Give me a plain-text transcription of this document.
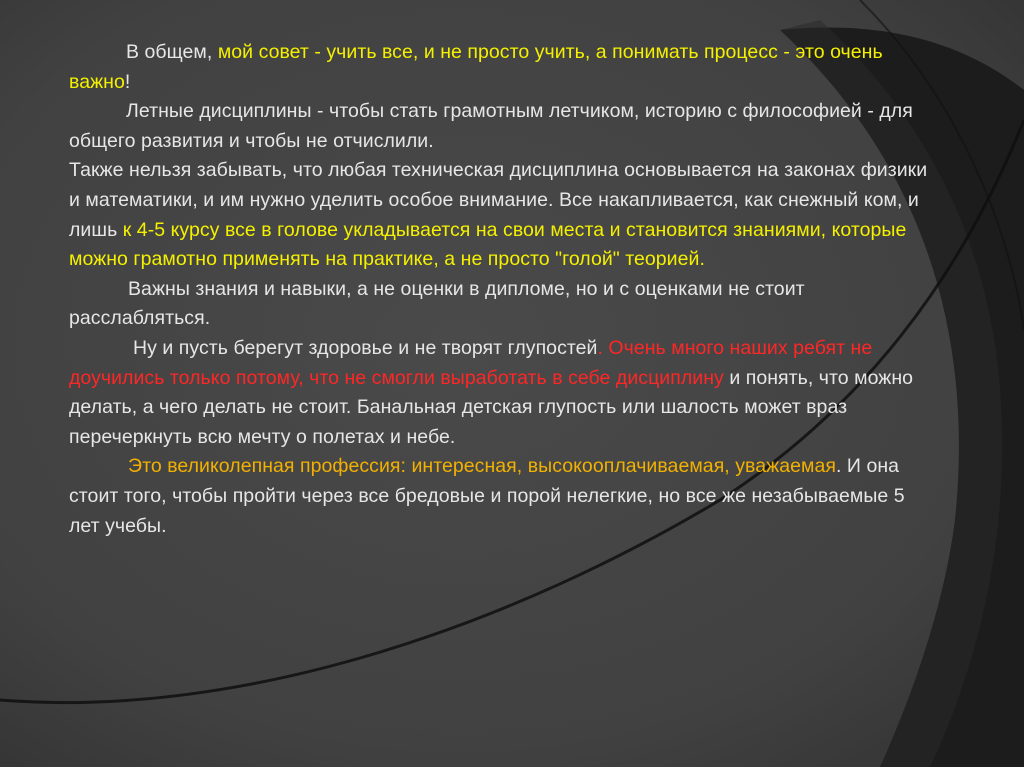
В общем, мой совет - учить все, и не просто учить, а понимать процесс - это очень важно!

Летные дисциплины - чтобы стать грамотным летчиком, историю с философией - для общего развития и чтобы не отчислили.

Также нельзя забывать, что любая техническая дисциплина основывается на законах физики и математики, и им нужно уделить особое внимание. Все накапливается, как снежный ком, и лишь к 4-5 курсу все в голове укладывается на свои места и становится знаниями, которые можно грамотно применять на практике, а не просто "голой" теорией.

Важны знания и навыки, а не оценки в дипломе, но и с оценками не стоит расслабляться.

Ну и пусть берегут здоровье и не творят глупостей. Очень много наших ребят не доучились только потому, что не смогли выработать в себе дисциплину и понять, что можно делать, а чего делать не стоит. Банальная детская глупость или шалость может враз перечеркнуть всю мечту о полетах и небе.

Это великолепная профессия: интересная, высокооплачиваемая, уважаемая. И она стоит того, чтобы пройти через все бредовые и порой нелегкие, но все же незабываемые 5 лет учебы.
